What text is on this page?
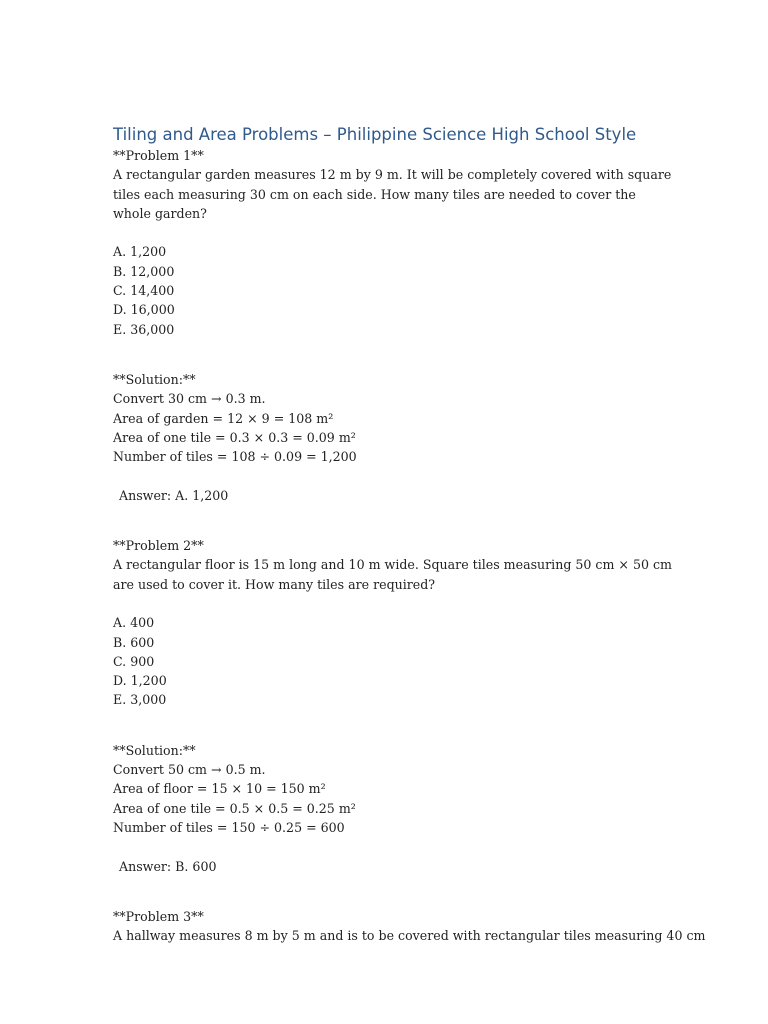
Tiling and Area Problems – Philippine Science High School Style

**Problem 1**

A rectangular garden measures 12 m by 9 m. It will be completely covered with square tiles each measuring 30 cm on each side. How many tiles are needed to cover the whole garden?

A. 1,200

B. 12,000

C. 14,400

D. 16,000

E. 36,000

**Solution:**

Convert 30 cm → 0.3 m.

Area of garden = 12 × 9 = 108 m²

Area of one tile = 0.3 × 0.3 = 0.09 m²

Number of tiles = 108 ÷ 0.09 = 1,200

Answer: A. 1,200

**Problem 2**

A rectangular floor is 15 m long and 10 m wide. Square tiles measuring 50 cm × 50 cm are used to cover it. How many tiles are required?

A. 400

B. 600

C. 900

D. 1,200

E. 3,000

**Solution:**

Convert 50 cm → 0.5 m.

Area of floor = 15 × 10 = 150 m²

Area of one tile = 0.5 × 0.5 = 0.25 m²

Number of tiles = 150 ÷ 0.25 = 600

Answer: B. 600

**Problem 3**

A hallway measures 8 m by 5 m and is to be covered with rectangular tiles measuring 40 cm
